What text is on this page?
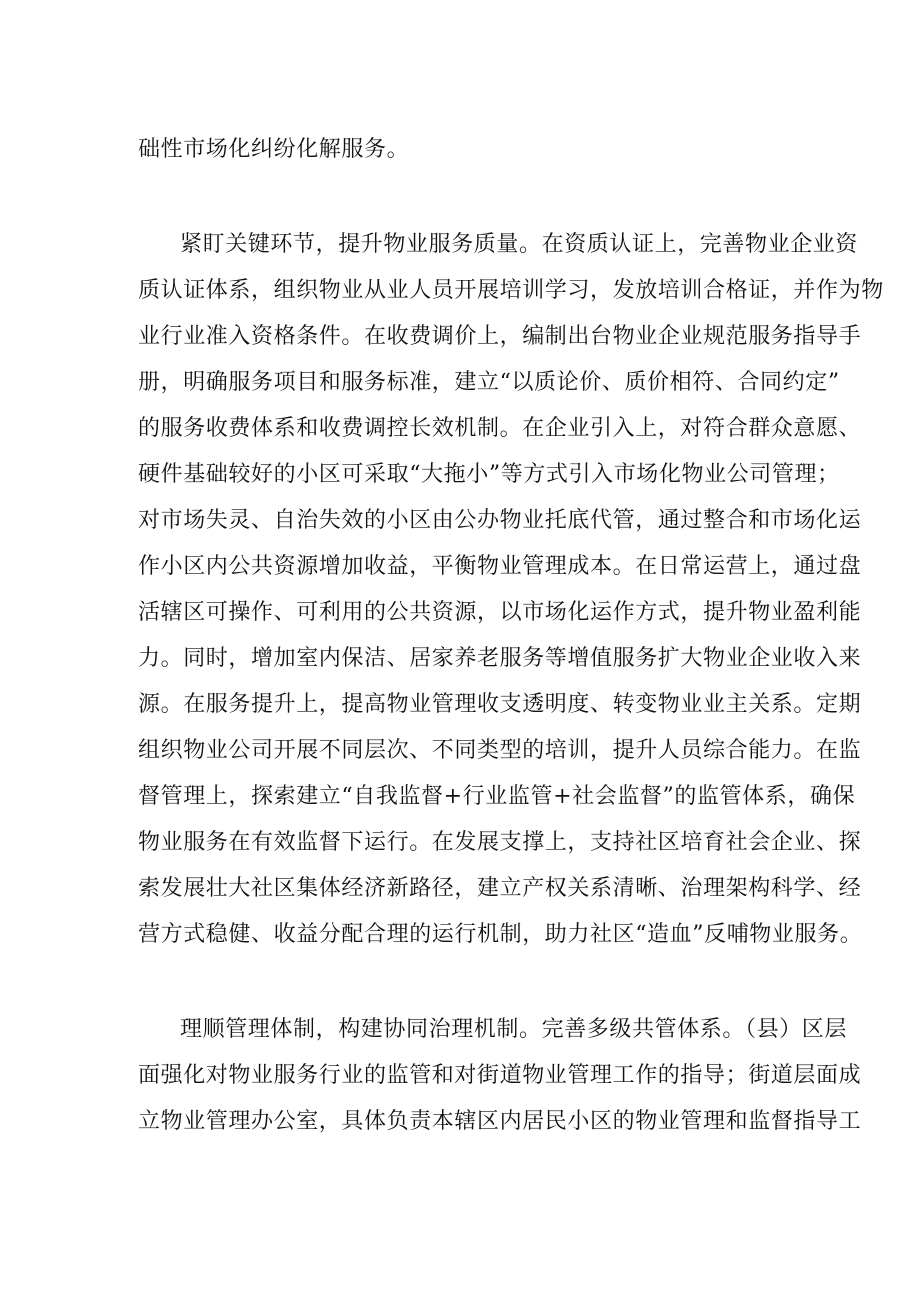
础性市场化纠纷化解服务。
紧盯关键环节，提升物业服务质量。在资质认证上，完善物业企业资
质认证体系，组织物业从业人员开展培训学习，发放培训合格证，并作为物
业行业准入资格条件。在收费调价上，编制出台物业企业规范服务指导手
册，明确服务项目和服务标准，建立“以质论价、质价相符、合同约定”
的服务收费体系和收费调控长效机制。在企业引入上，对符合群众意愿、
硬件基础较好的小区可采取“大拖小”等方式引入市场化物业公司管理；
对市场失灵、自治失效的小区由公办物业托底代管，通过整合和市场化运
作小区内公共资源增加收益，平衡物业管理成本。在日常运营上，通过盘
活辖区可操作、可利用的公共资源，以市场化运作方式，提升物业盈利能
力。同时，增加室内保洁、居家养老服务等增值服务扩大物业企业收入来
源。在服务提升上，提高物业管理收支透明度、转变物业业主关系。定期
组织物业公司开展不同层次、不同类型的培训，提升人员综合能力。在监
督管理上，探索建立“自我监督+行业监管+社会监督”的监管体系，确保
物业服务在有效监督下运行。在发展支撑上，支持社区培育社会企业、探
索发展壮大社区集体经济新路径，建立产权关系清晰、治理架构科学、经
营方式稳健、收益分配合理的运行机制，助力社区“造血”反哺物业服务。
理顺管理体制，构建协同治理机制。完善多级共管体系。（县）区层
面强化对物业服务行业的监管和对街道物业管理工作的指导；街道层面成
立物业管理办公室，具体负责本辖区内居民小区的物业管理和监督指导工
